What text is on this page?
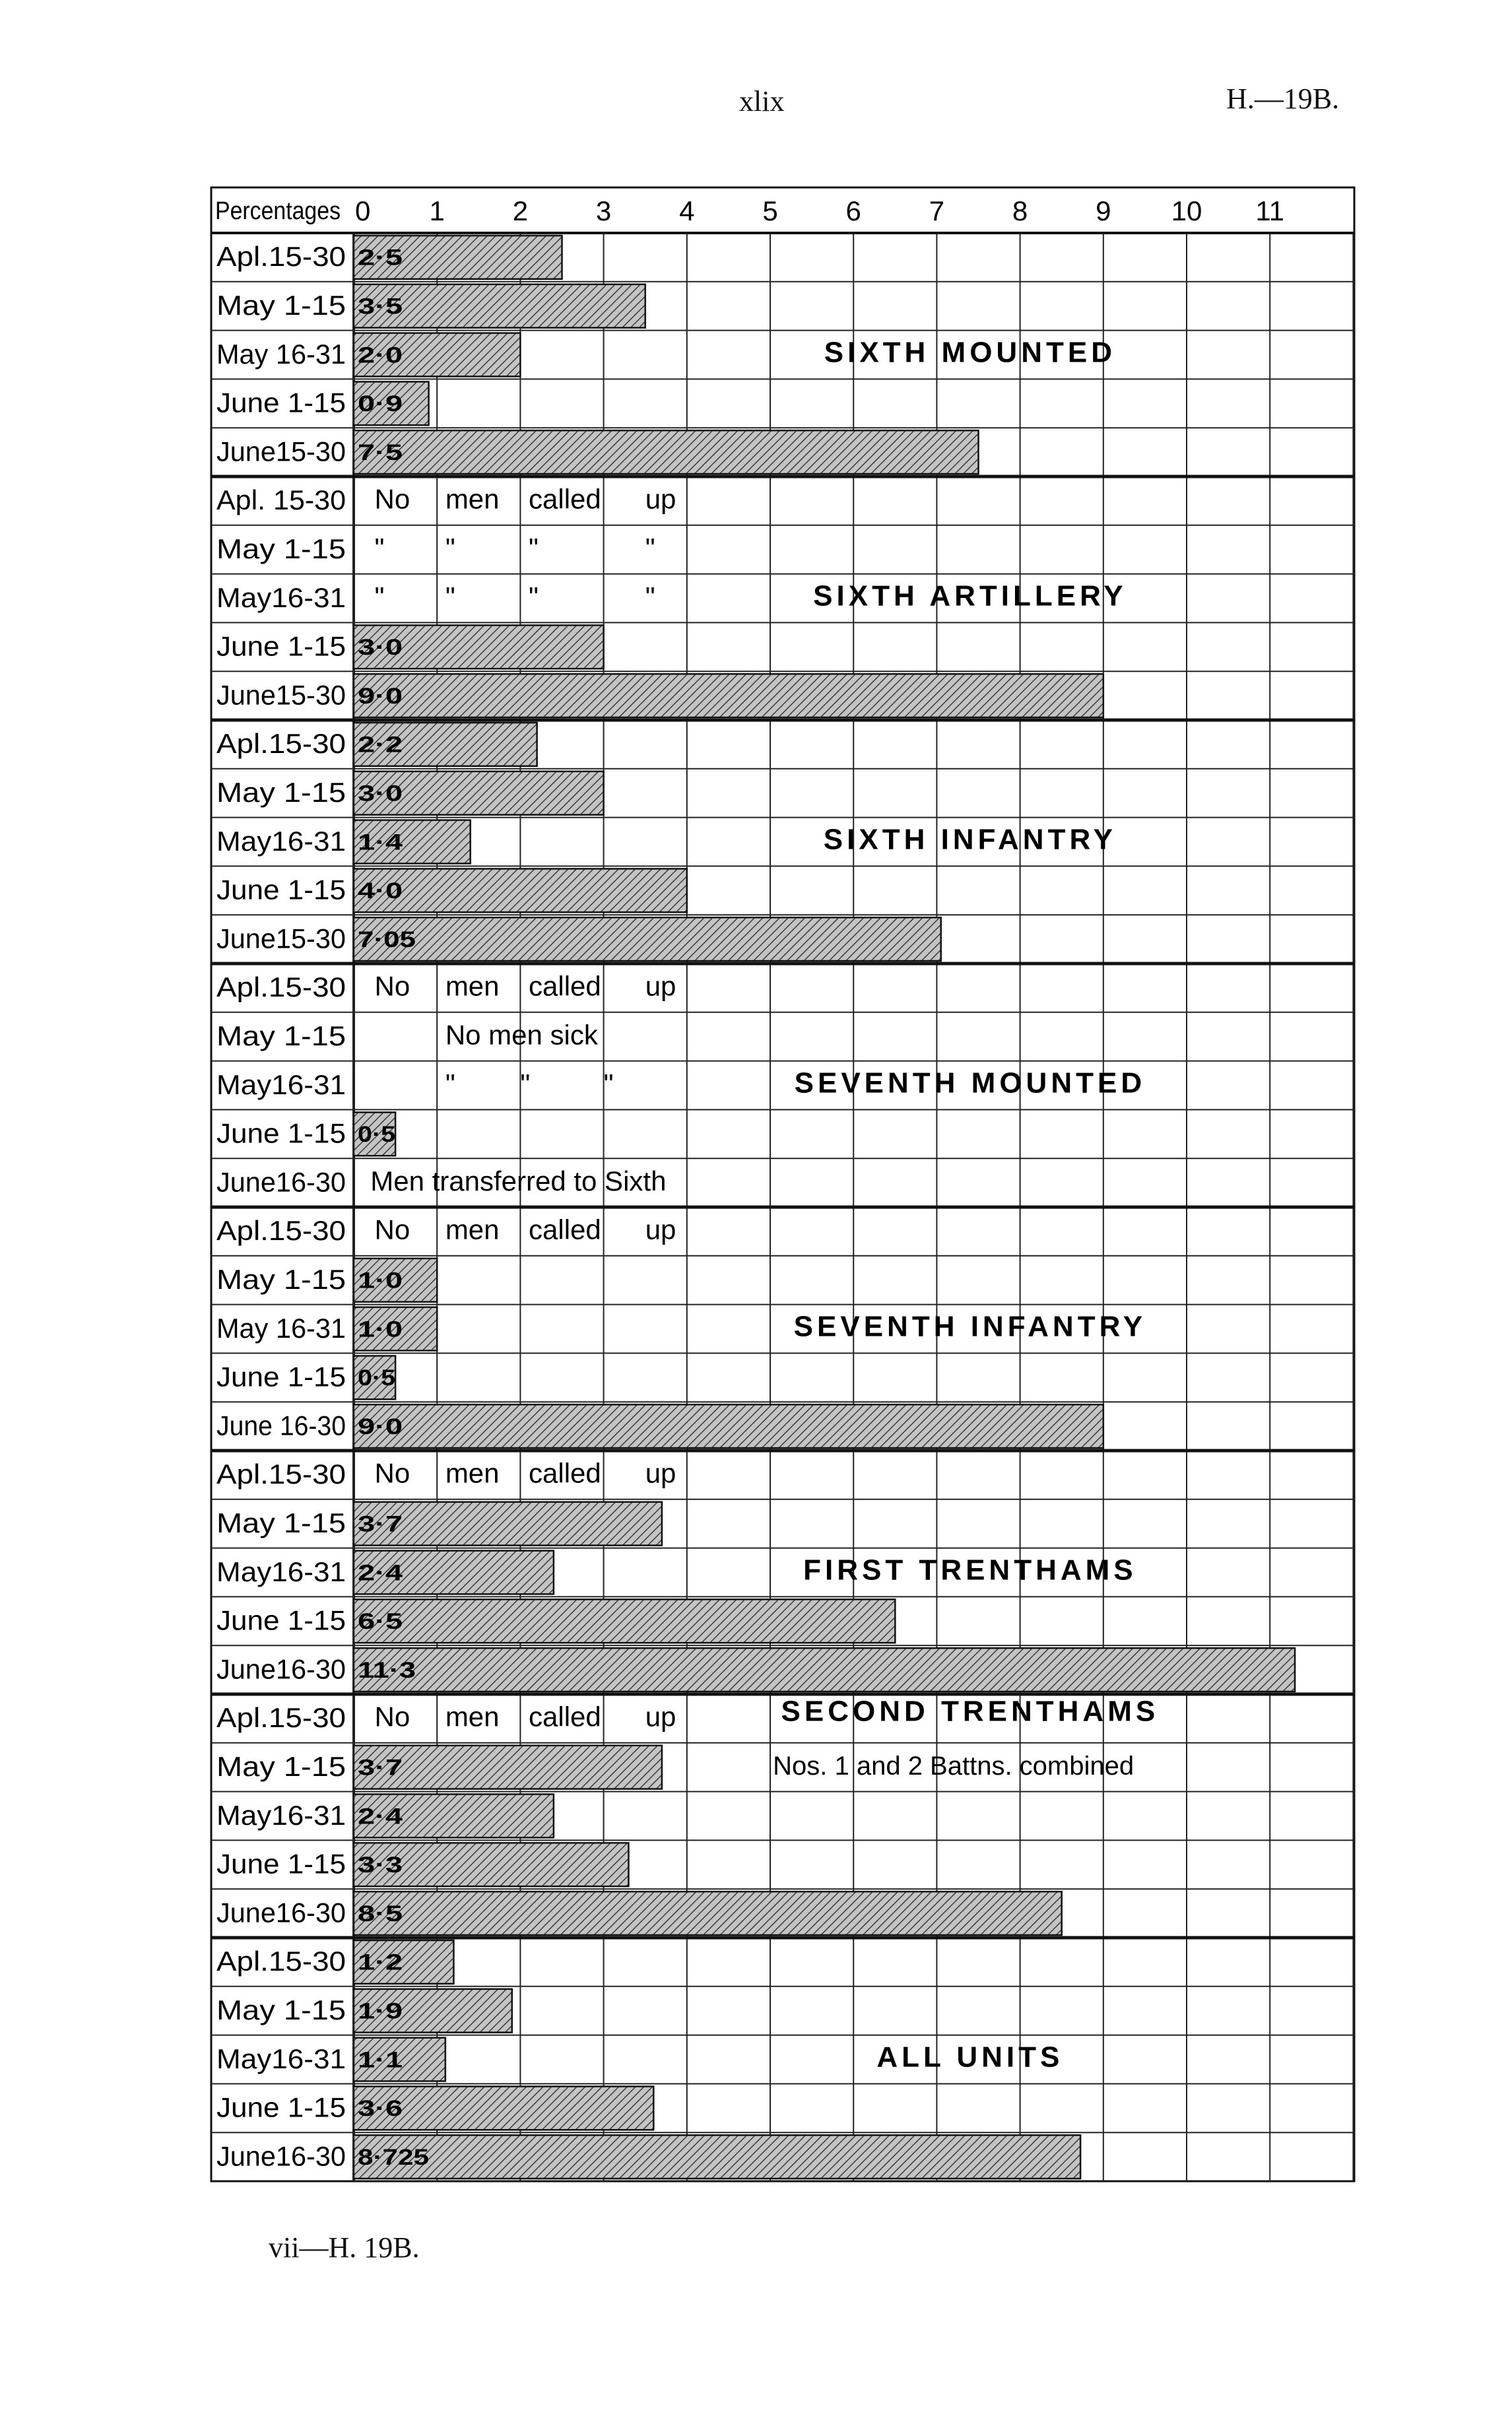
xlix	H.—19B.
Percentages 0 1 2 3 4 5 6 7 8 9 10 11
Apl.15-30 2·5
May 1-15 3·5
May 16-31 2·0
June 1-15 0·9
June15-30 7·5
SIXTH MOUNTED
Apl. 15-30 No men called up
May 1-15 " "	"	"
May16-31 " "	"	"
June 1-15 3·0
June15-30 9·0
SIXTH ARTILLERY
Apl.15-30 2·2
May 1-15 3·0
May16-31 1·4
June 1-15 4·0
June15-30 7·05
SIXTH INFANTRY
Apl.15-30 No men called up
May 1-15	No men sick
May16-31	" "	"
June 1-15 0·5
June16-30 Men transferred to Sixth
SEVENTH MOUNTED
Apl.15-30 No men called up
May 1-15 1·0
May 16-31 1·0
June 1-15 0·5
June 16-30 9·0
SEVENTH INFANTRY
Apl.15-30 No men called up
May 1-15 3·7
May16-31 2·4
June 1-15 6·5
June16-30 11·3
FIRST TRENTHAMS
Apl.15-30 No men called up
May 1-15 3·7
May16-31 2·4
June 1-15 3·3
June16-30 8·5
SECOND TRENTHAMS
Nos. 1 and 2 Battns. combined
Apl.15-30 1·2
May 1-15 1·9
May16-31 1·1
June 1-15 3·6
June16-30 8·725
ALL UNITS
vii—H. 19B.
